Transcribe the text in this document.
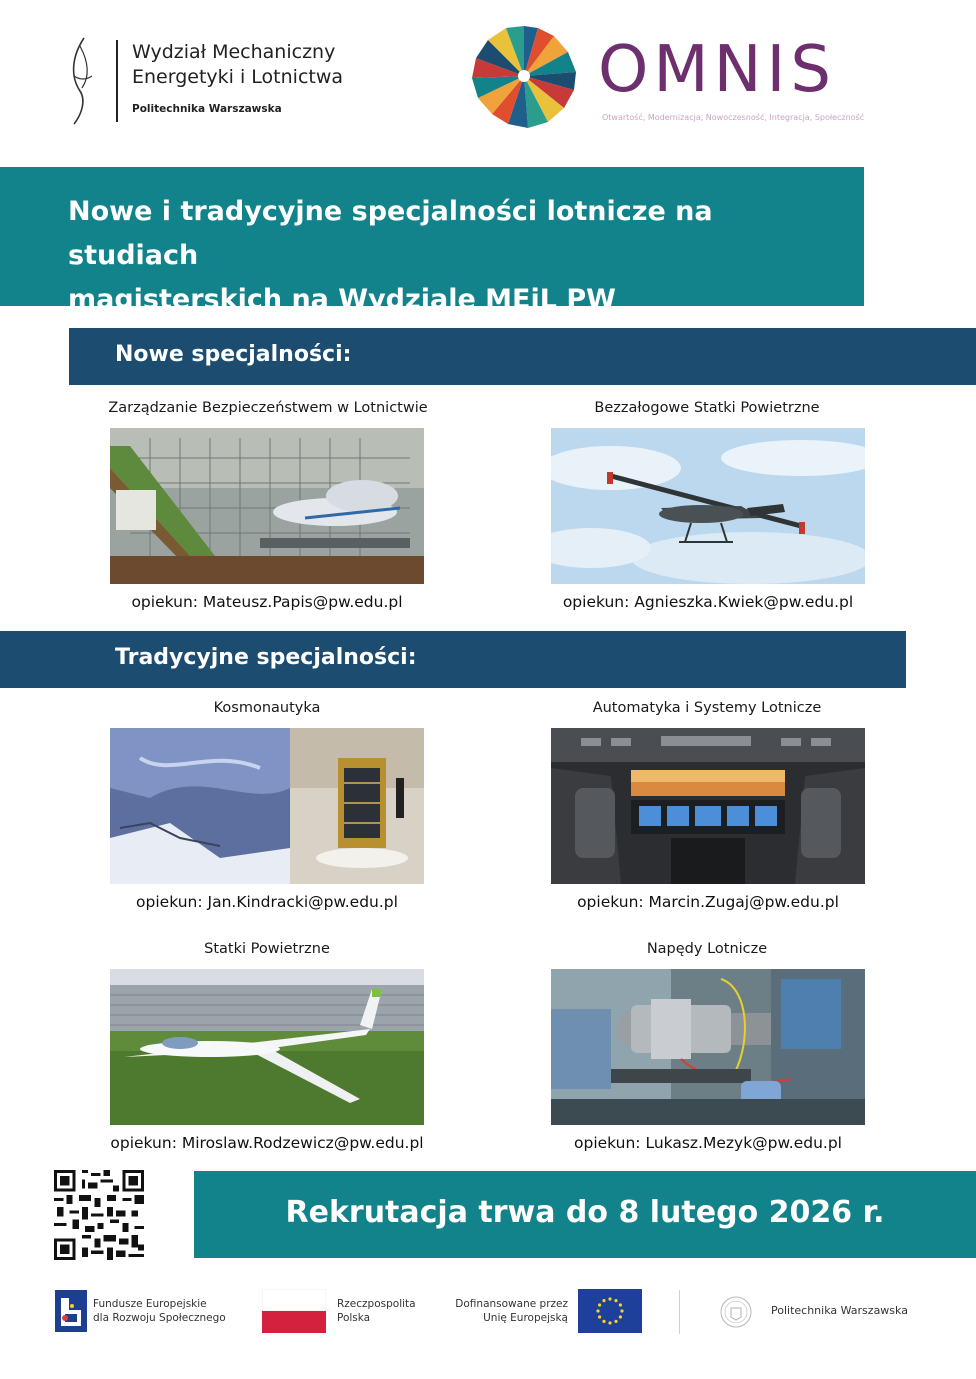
Wydział Mechaniczny
Energetyki i Lotnictwa
Politechnika Warszawska
OMNIS
Otwartość, Modernizacja, Nowoczesność, Integracja, Społeczność
Nowe i tradycyjne specjalności lotnicze na studiach
magisterskich na Wydziale MEiL PW
Nowe specjalności:
Zarządzanie Bezpieczeństwem w Lotnictwie
opiekun: Mateusz.Papis@pw.edu.pl
Bezzałogowe Statki Powietrzne
opiekun: Agnieszka.Kwiek@pw.edu.pl
Tradycyjne specjalności:
Kosmonautyka
opiekun: Jan.Kindracki@pw.edu.pl
Automatyka i Systemy Lotnicze
opiekun: Marcin.Zugaj@pw.edu.pl
Statki Powietrzne
opiekun: Miroslaw.Rodzewicz@pw.edu.pl
Napędy Lotnicze
opiekun: Lukasz.Mezyk@pw.edu.pl
Rekrutacja trwa do 8 lutego 2026 r.
Fundusze Europejskie
dla Rozwoju Społecznego
Rzeczpospolita
Polska
Dofinansowane przez
Unię Europejską
Politechnika Warszawska
